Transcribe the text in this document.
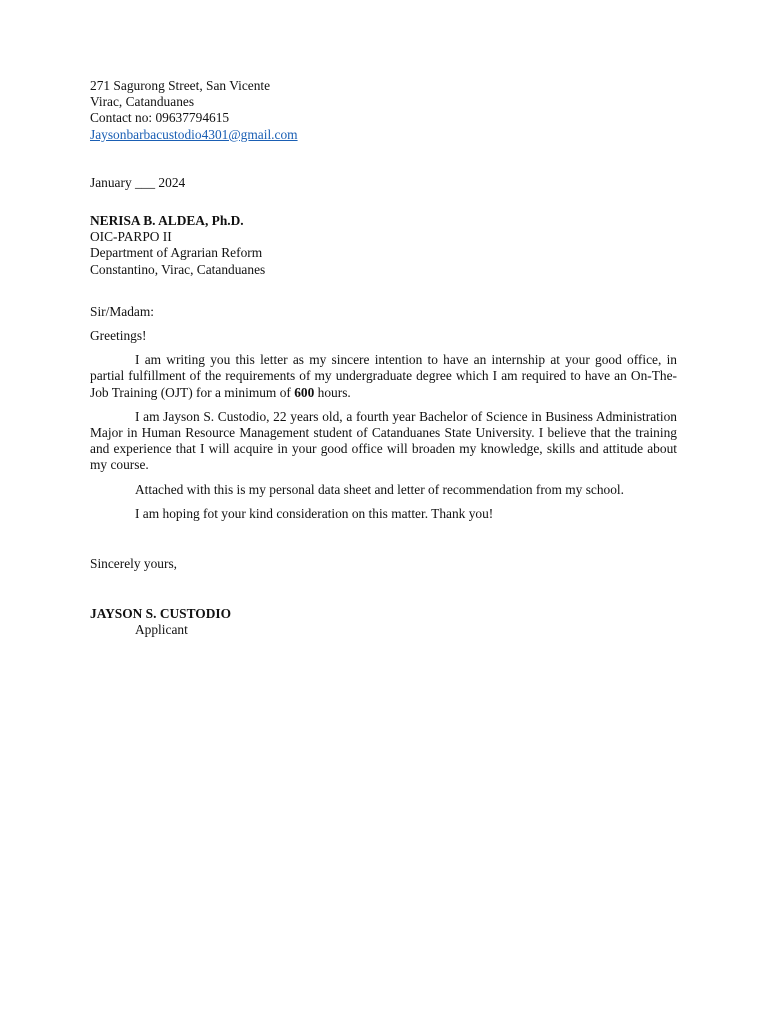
271 Sagurong Street, San Vicente
Virac, Catanduanes
Contact no: 09637794615
Jaysonbarbacustodio4301@gmail.com
January ___ 2024
NERISA B. ALDEA, Ph.D.
OIC-PARPO II
Department of Agrarian Reform
Constantino, Virac, Catanduanes
Sir/Madam:
Greetings!

I am writing you this letter as my sincere intention to have an internship at your good office, in partial fulfillment of the requirements of my undergraduate degree which I am required to have an On-The-Job Training (OJT) for a minimum of 600 hours.

I am Jayson S. Custodio, 22 years old, a fourth year Bachelor of Science in Business Administration Major in Human Resource Management student of Catanduanes State University. I believe that the training and experience that I will acquire in your good office will broaden my knowledge, skills and attitude about my course.

Attached with this is my personal data sheet and letter of recommendation from my school.

I am hoping fot your kind consideration on this matter. Thank you!

Sincerely yours,
JAYSON S. CUSTODIO
Applicant
